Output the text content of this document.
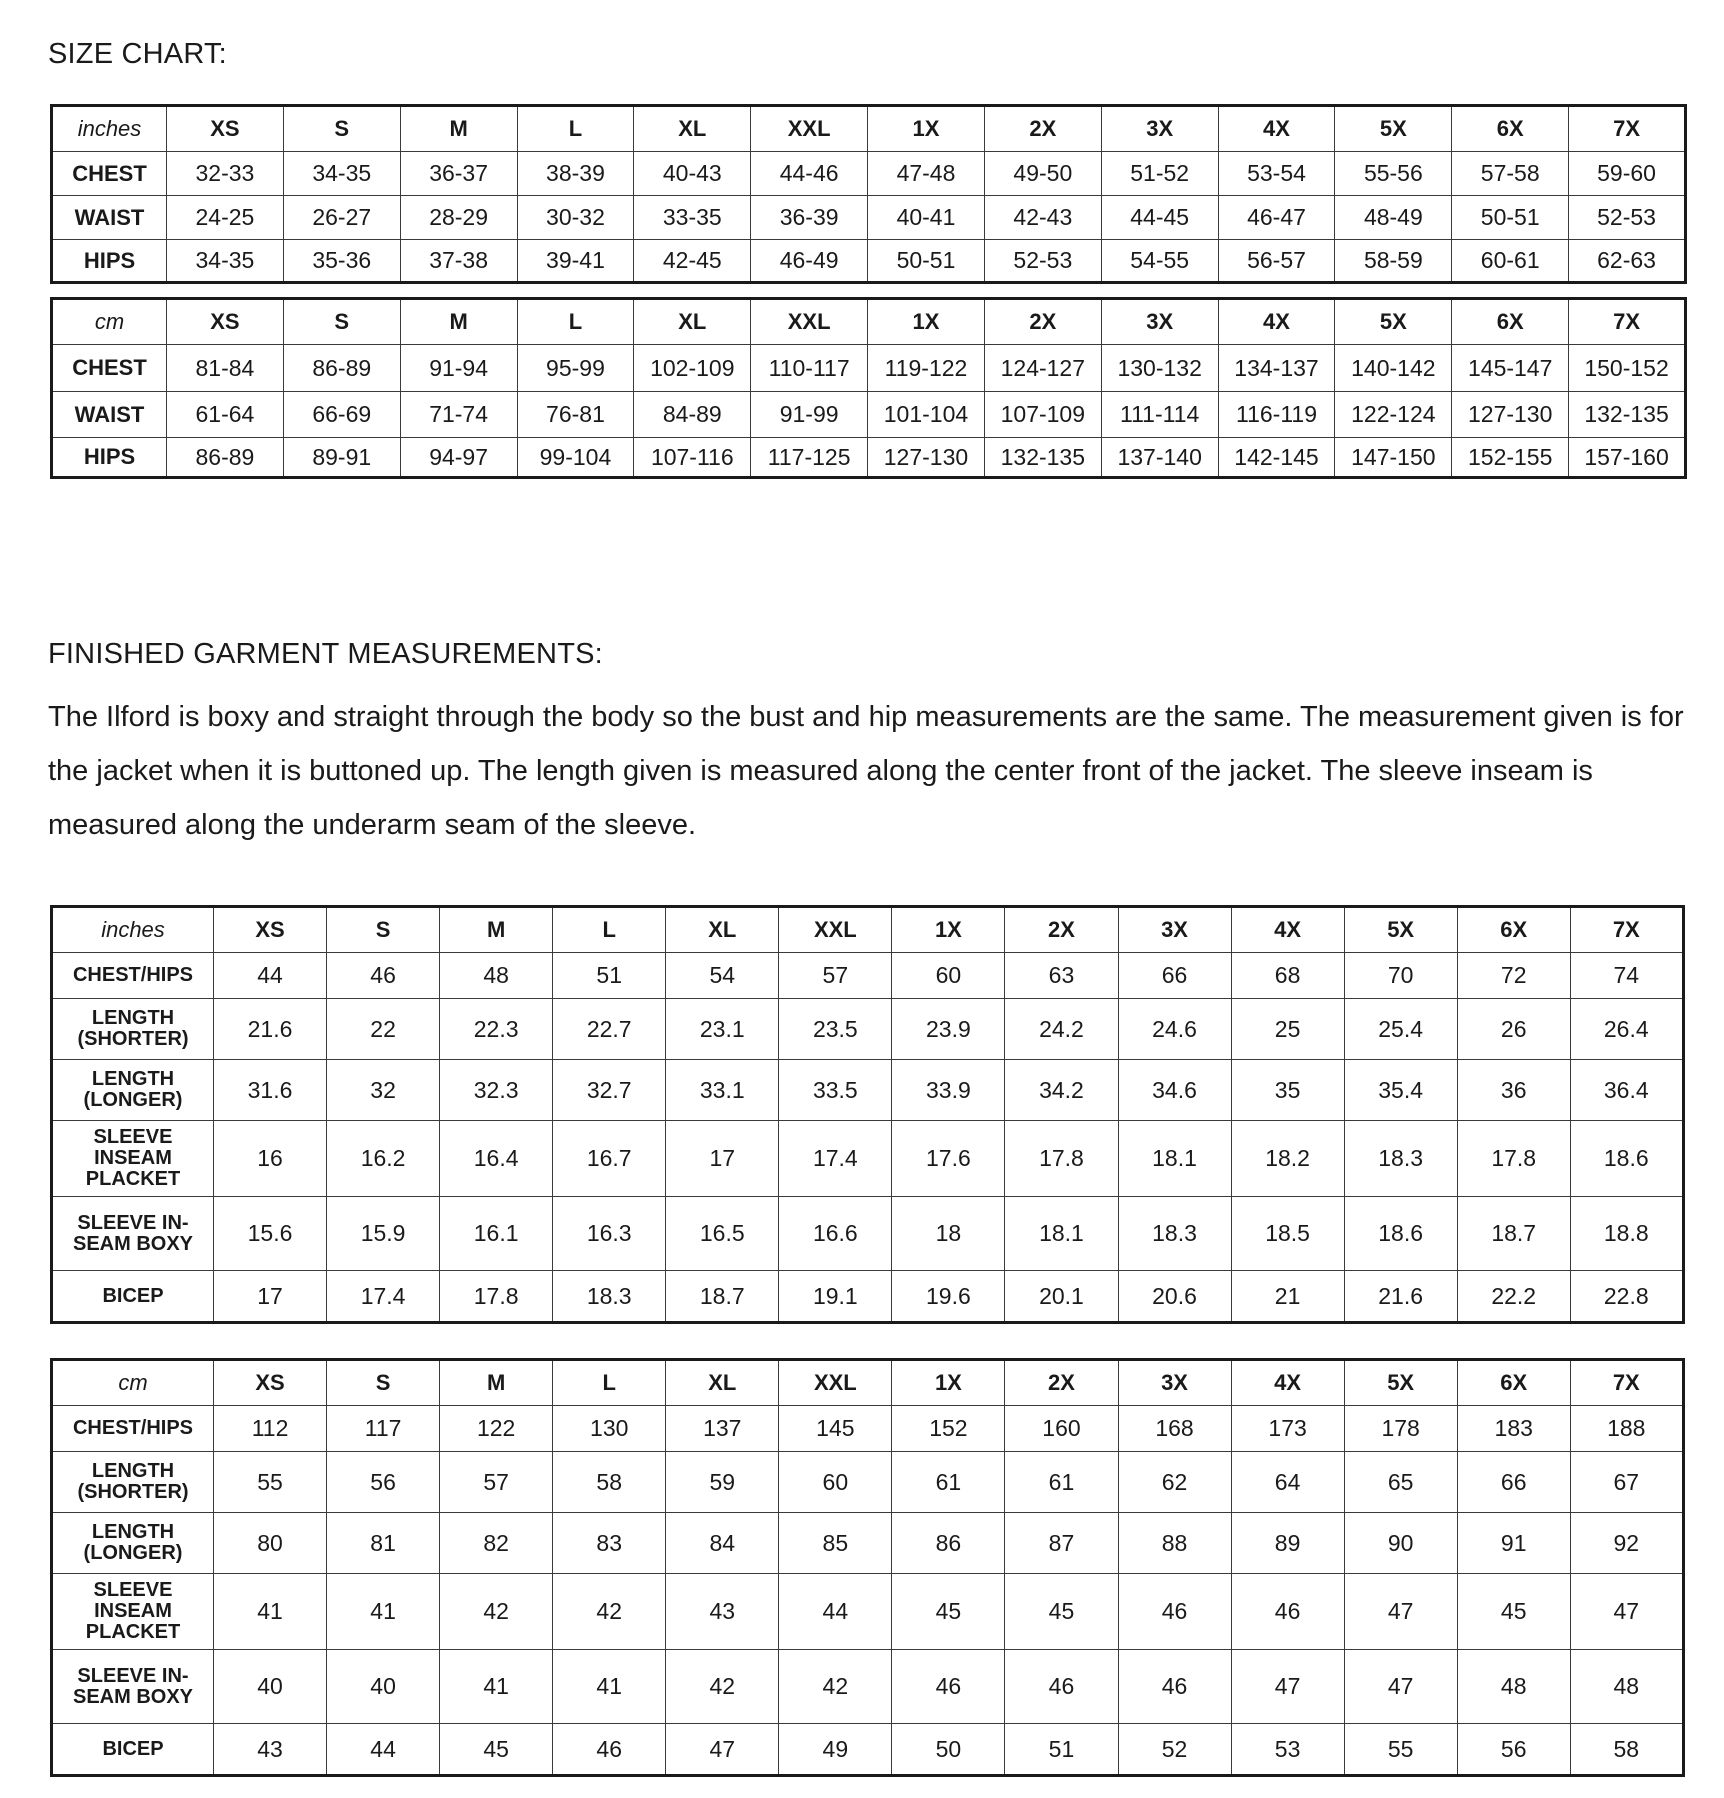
SIZE CHART:
inches	XS	S	M	L	XL	XXL	1X	2X	3X	4X	5X	6X	7X
CHEST	32-33	34-35	36-37	38-39	40-43	44-46	47-48	49-50	51-52	53-54	55-56	57-58	59-60
WAIST	24-25	26-27	28-29	30-32	33-35	36-39	40-41	42-43	44-45	46-47	48-49	50-51	52-53
HIPS	34-35	35-36	37-38	39-41	42-45	46-49	50-51	52-53	54-55	56-57	58-59	60-61	62-63
cm	XS	S	M	L	XL	XXL	1X	2X	3X	4X	5X	6X	7X
CHEST	81-84	86-89	91-94	95-99	102-109	110-117	119-122	124-127	130-132	134-137	140-142	145-147	150-152
WAIST	61-64	66-69	71-74	76-81	84-89	91-99	101-104	107-109	111-114	116-119	122-124	127-130	132-135
HIPS	86-89	89-91	94-97	99-104	107-116	117-125	127-130	132-135	137-140	142-145	147-150	152-155	157-160
FINISHED GARMENT MEASUREMENTS:

The Ilford is boxy and straight through the body so the bust and hip measurements are the same. The measurement given is for the jacket when it is buttoned up. The length given is measured along the center front of the jacket. The sleeve inseam is measured along the underarm seam of the sleeve.

inches	XS	S	M	L	XL	XXL	1X	2X	3X	4X	5X	6X	7X
CHEST/HIPS	44	46	48	51	54	57	60	63	66	68	70	72	74
LENGTH
(SHORTER)	21.6	22	22.3	22.7	23.1	23.5	23.9	24.2	24.6	25	25.4	26	26.4
LENGTH
(LONGER)	31.6	32	32.3	32.7	33.1	33.5	33.9	34.2	34.6	35	35.4	36	36.4
SLEEVE
INSEAM
PLACKET	16	16.2	16.4	16.7	17	17.4	17.6	17.8	18.1	18.2	18.3	17.8	18.6
SLEEVE IN-
SEAM BOXY	15.6	15.9	16.1	16.3	16.5	16.6	18	18.1	18.3	18.5	18.6	18.7	18.8
BICEP	17	17.4	17.8	18.3	18.7	19.1	19.6	20.1	20.6	21	21.6	22.2	22.8
cm	XS	S	M	L	XL	XXL	1X	2X	3X	4X	5X	6X	7X
CHEST/HIPS	112	117	122	130	137	145	152	160	168	173	178	183	188
LENGTH
(SHORTER)	55	56	57	58	59	60	61	61	62	64	65	66	67
LENGTH
(LONGER)	80	81	82	83	84	85	86	87	88	89	90	91	92
SLEEVE
INSEAM
PLACKET	41	41	42	42	43	44	45	45	46	46	47	45	47
SLEEVE IN-
SEAM BOXY	40	40	41	41	42	42	46	46	46	47	47	48	48
BICEP	43	44	45	46	47	49	50	51	52	53	55	56	58
